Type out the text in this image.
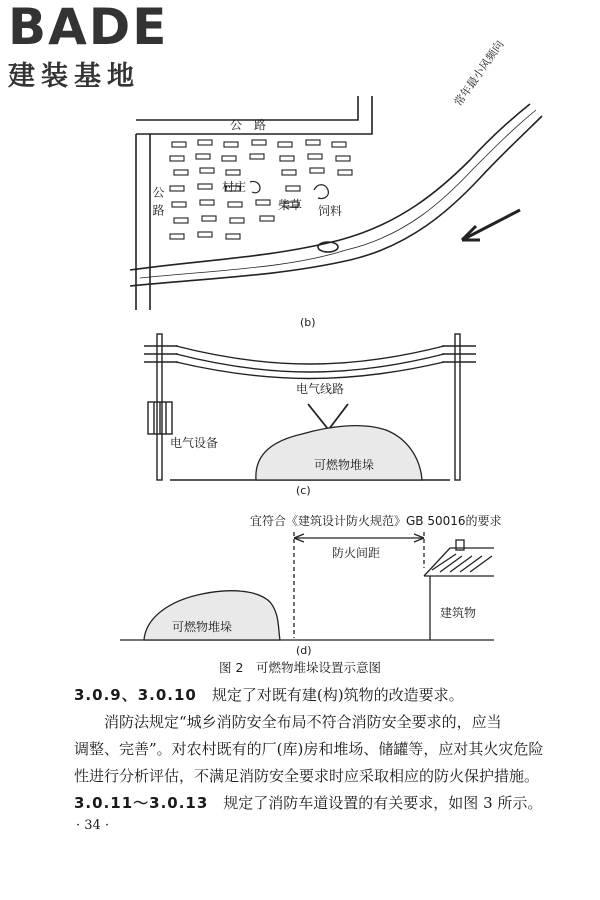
BADE
建装基地
公　路
公路	村庄
柴草 饲料
常年最小风频向
(b)
电气线路
电气设备
可燃物堆垛
(c)
宜符合《建筑设计防火规范》GB 50016的要求
防火间距
可燃物堆垛
建筑物
(d)
图 2　可燃物堆垛设置示意图
3.0.9、3.0.10　规定了对既有建(构)筑物的改造要求。
消防法规定“城乡消防安全布局不符合消防安全要求的，应当
调整、完善”。对农村既有的厂(库)房和堆场、储罐等，应对其火灾危险
性进行分析评估，不满足消防安全要求时应采取相应的防火保护措施。
3.0.11～3.0.13　规定了消防车道设置的有关要求，如图 3 所示。
· 34 ·
